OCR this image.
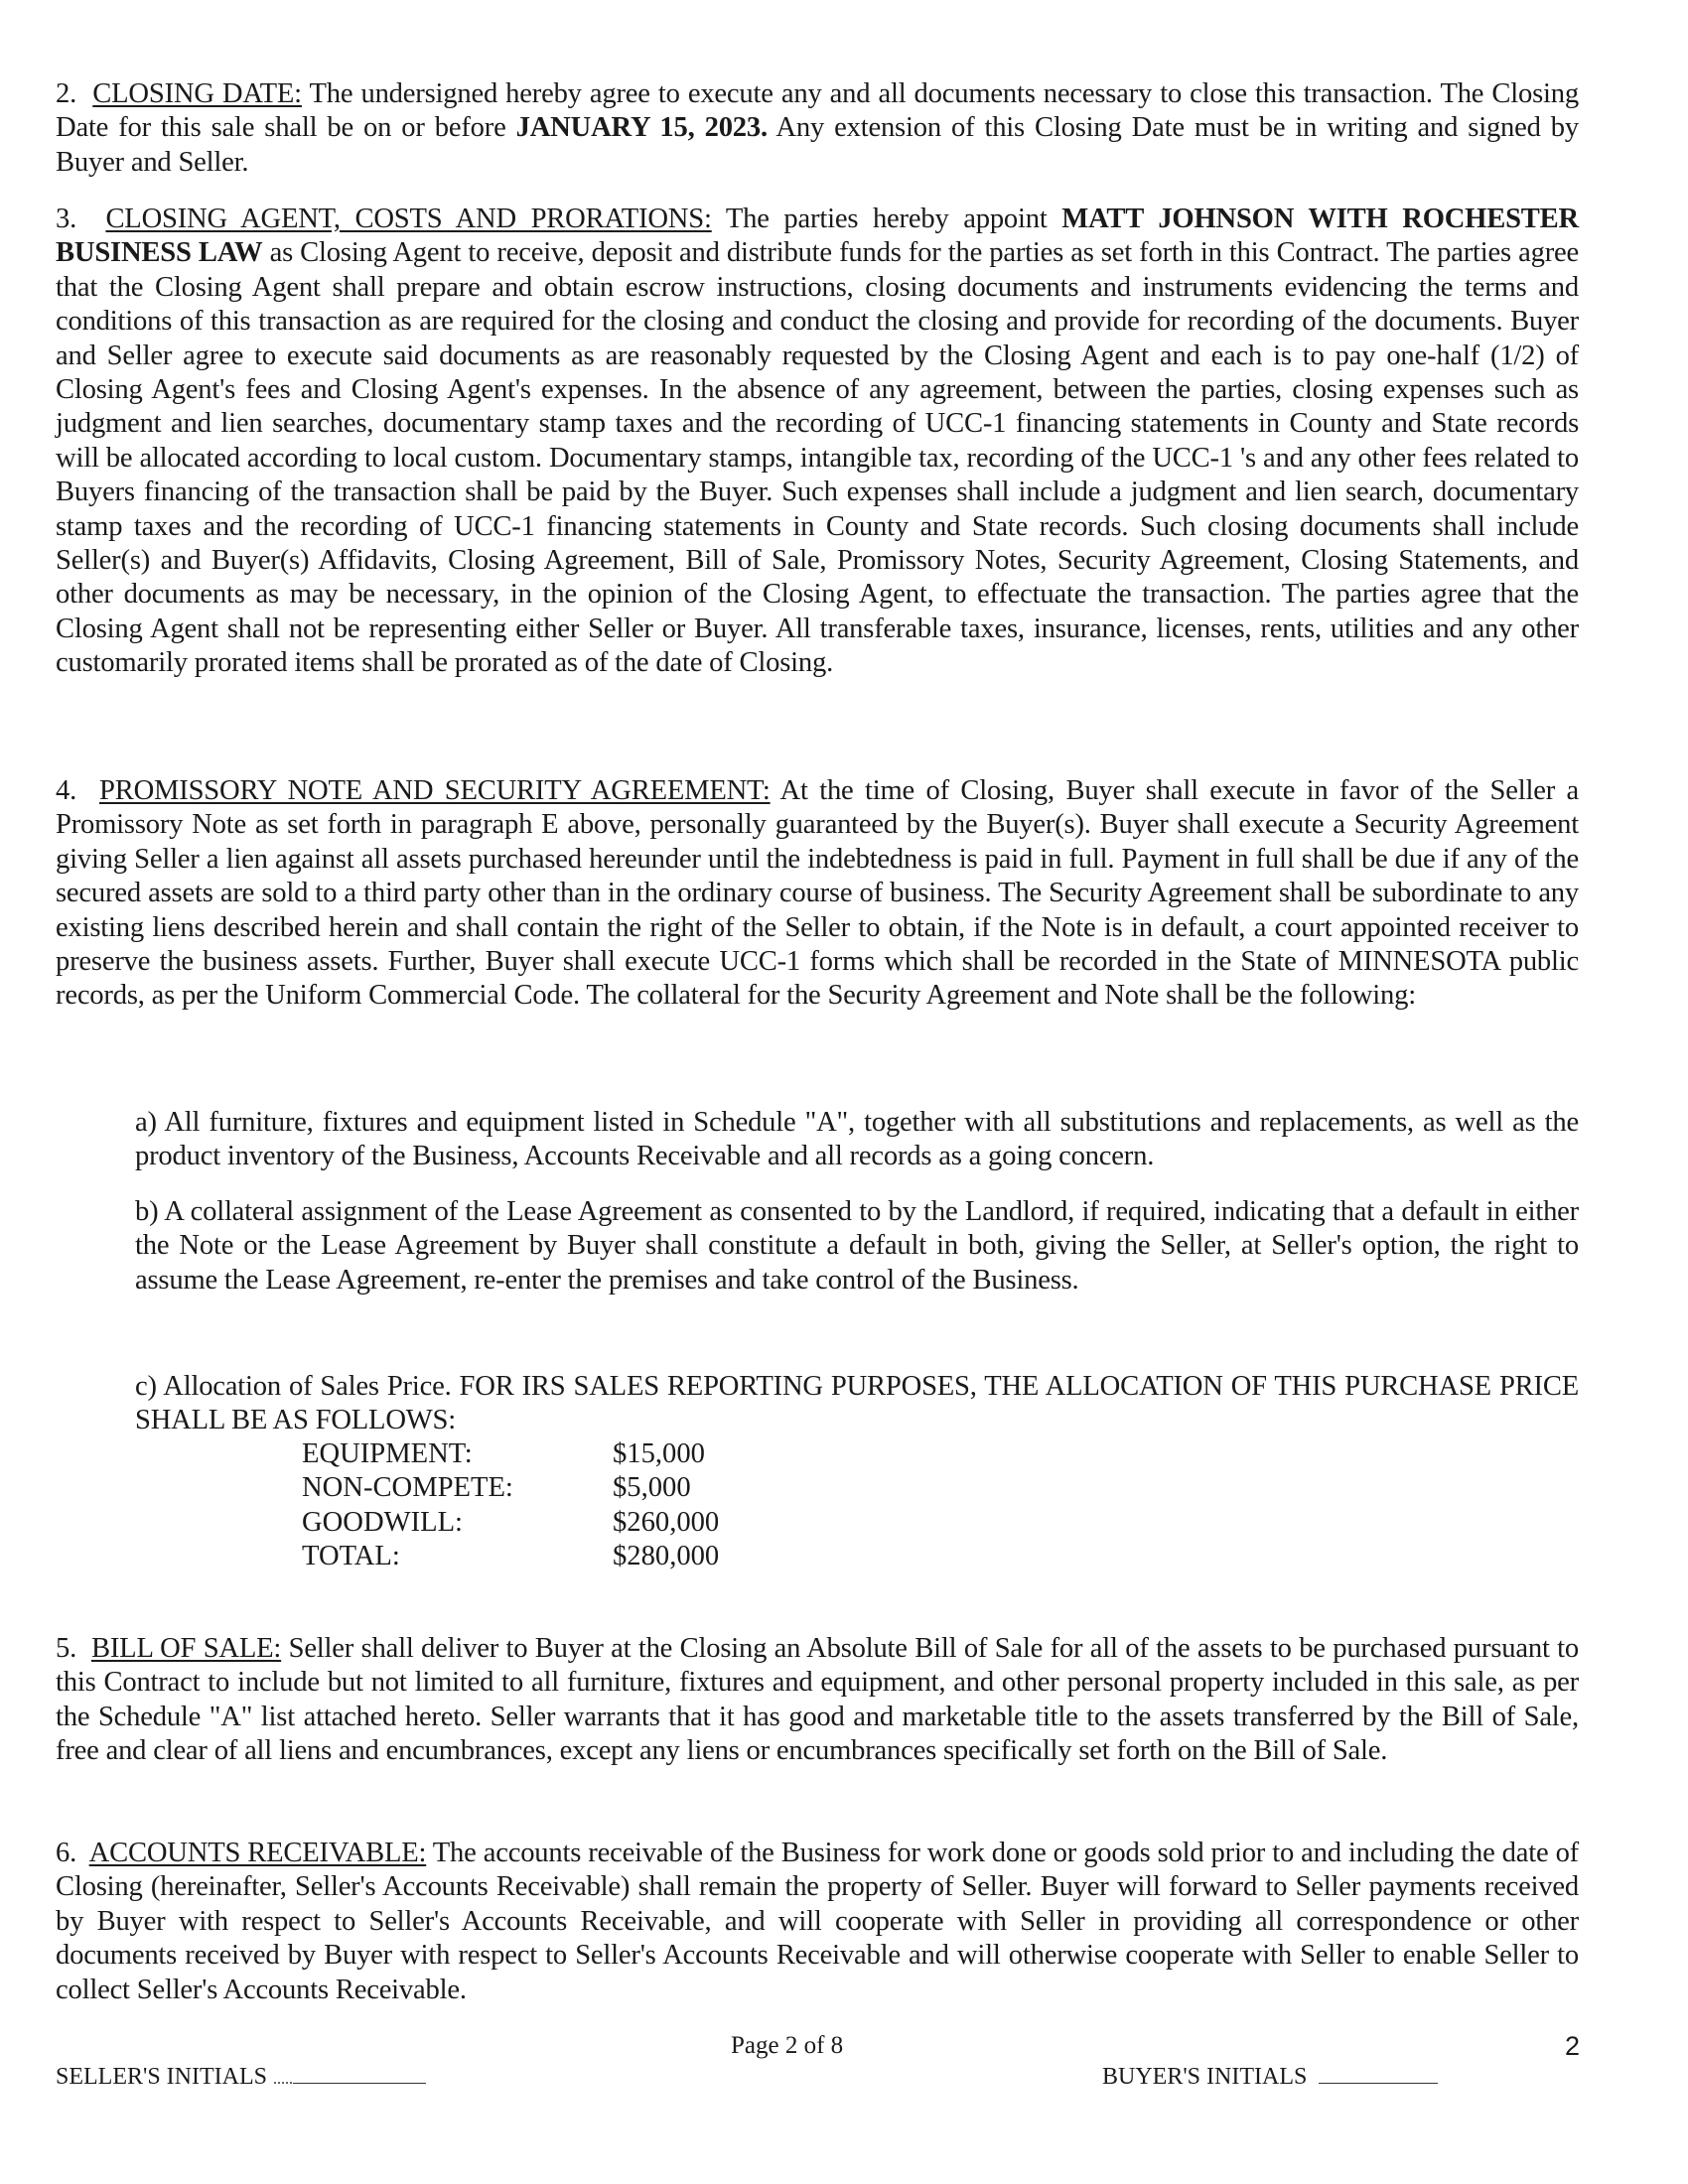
2. CLOSING DATE: The undersigned hereby agree to execute any and all documents necessary to close this transaction. The Closing Date for this sale shall be on or before JANUARY 15, 2023. Any extension of this Closing Date must be in writing and signed by Buyer and Seller.
3. CLOSING AGENT, COSTS AND PRORATIONS: The parties hereby appoint MATT JOHNSON WITH ROCHESTER BUSINESS LAW as Closing Agent to receive, deposit and distribute funds for the parties as set forth in this Contract. The parties agree that the Closing Agent shall prepare and obtain escrow instructions, closing documents and instruments evidencing the terms and conditions of this transaction as are required for the closing and conduct the closing and provide for recording of the documents. Buyer and Seller agree to execute said documents as are reasonably requested by the Closing Agent and each is to pay one-half (1/2) of Closing Agent's fees and Closing Agent's expenses. In the absence of any agreement, between the parties, closing expenses such as judgment and lien searches, documentary stamp taxes and the recording of UCC-1 financing statements in County and State records will be allocated according to local custom. Documentary stamps, intangible tax, recording of the UCC-1 's and any other fees related to Buyers financing of the transaction shall be paid by the Buyer. Such expenses shall include a judgment and lien search, documentary stamp taxes and the recording of UCC-1 financing statements in County and State records. Such closing documents shall include Seller(s) and Buyer(s) Affidavits, Closing Agreement, Bill of Sale, Promissory Notes, Security Agreement, Closing Statements, and other documents as may be necessary, in the opinion of the Closing Agent, to effectuate the transaction. The parties agree that the Closing Agent shall not be representing either Seller or Buyer. All transferable taxes, insurance, licenses, rents, utilities and any other customarily prorated items shall be prorated as of the date of Closing.
4. PROMISSORY NOTE AND SECURITY AGREEMENT: At the time of Closing, Buyer shall execute in favor of the Seller a Promissory Note as set forth in paragraph E above, personally guaranteed by the Buyer(s). Buyer shall execute a Security Agreement giving Seller a lien against all assets purchased hereunder until the indebtedness is paid in full. Payment in full shall be due if any of the secured assets are sold to a third party other than in the ordinary course of business. The Security Agreement shall be subordinate to any existing liens described herein and shall contain the right of the Seller to obtain, if the Note is in default, a court appointed receiver to preserve the business assets. Further, Buyer shall execute UCC-1 forms which shall be recorded in the State of MINNESOTA public records, as per the Uniform Commercial Code. The collateral for the Security Agreement and Note shall be the following:
a) All furniture, fixtures and equipment listed in Schedule "A", together with all substitutions and replacements, as well as the product inventory of the Business, Accounts Receivable and all records as a going concern.
b) A collateral assignment of the Lease Agreement as consented to by the Landlord, if required, indicating that a default in either the Note or the Lease Agreement by Buyer shall constitute a default in both, giving the Seller, at Seller's option, the right to assume the Lease Agreement, re-enter the premises and take control of the Business.
c) Allocation of Sales Price. FOR IRS SALES REPORTING PURPOSES, THE ALLOCATION OF THIS PURCHASE PRICE SHALL BE AS FOLLOWS:
EQUIPMENT:	$15,000
NON-COMPETE:	$5,000
GOODWILL:	$260,000
TOTAL:	$280,000
5. BILL OF SALE: Seller shall deliver to Buyer at the Closing an Absolute Bill of Sale for all of the assets to be purchased pursuant to this Contract to include but not limited to all furniture, fixtures and equipment, and other personal property included in this sale, as per the Schedule "A" list attached hereto. Seller warrants that it has good and marketable title to the assets transferred by the Bill of Sale, free and clear of all liens and encumbrances, except any liens or encumbrances specifically set forth on the Bill of Sale.
6. ACCOUNTS RECEIVABLE: The accounts receivable of the Business for work done or goods sold prior to and including the date of Closing (hereinafter, Seller's Accounts Receivable) shall remain the property of Seller. Buyer will forward to Seller payments received by Buyer with respect to Seller's Accounts Receivable, and will cooperate with Seller in providing all correspondence or other documents received by Buyer with respect to Seller's Accounts Receivable and will otherwise cooperate with Seller to enable Seller to collect Seller's Accounts Receivable.
Page 2 of 8	2
SELLER'S INITIALS .....	BUYER'S INITIALS
